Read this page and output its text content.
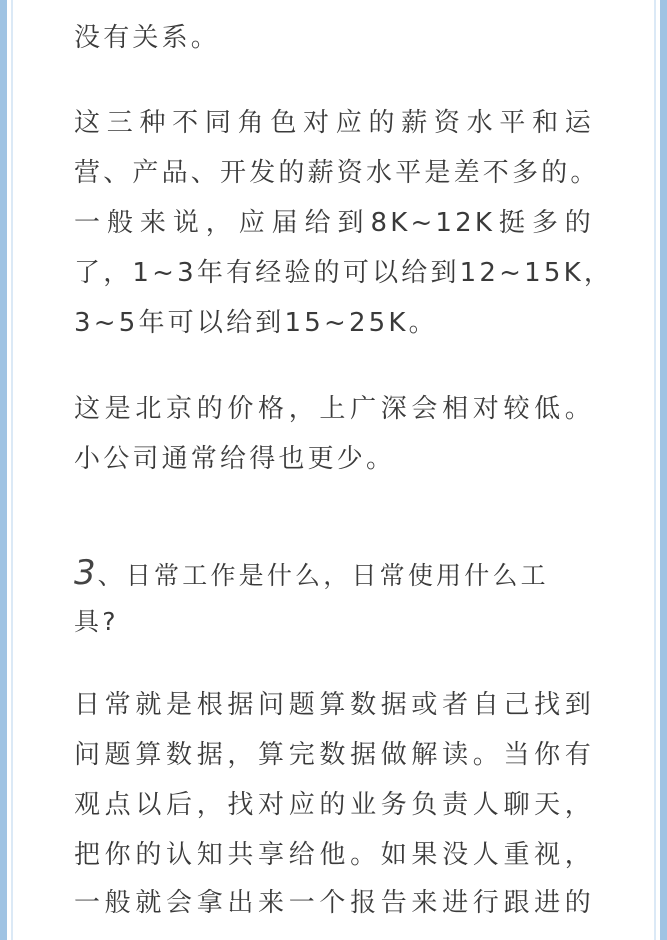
没有关系。
这三种不同角色对应的薪资水平和运
营、产品、开发的薪资水平是差不多的。
一般来说，应届给到8K~12K挺多的
了，1~3年有经验的可以给到12~15K，
3~5年可以给到15~25K。
这是北京的价格，上广深会相对较低。
小公司通常给得也更少。
3、日常工作是什么，日常使用什么工
具?
日常就是根据问题算数据或者自己找到
问题算数据，算完数据做解读。当你有
观点以后，找对应的业务负责人聊天，
把你的认知共享给他。如果没人重视，
一般就会拿出来一个报告来进行跟进的
